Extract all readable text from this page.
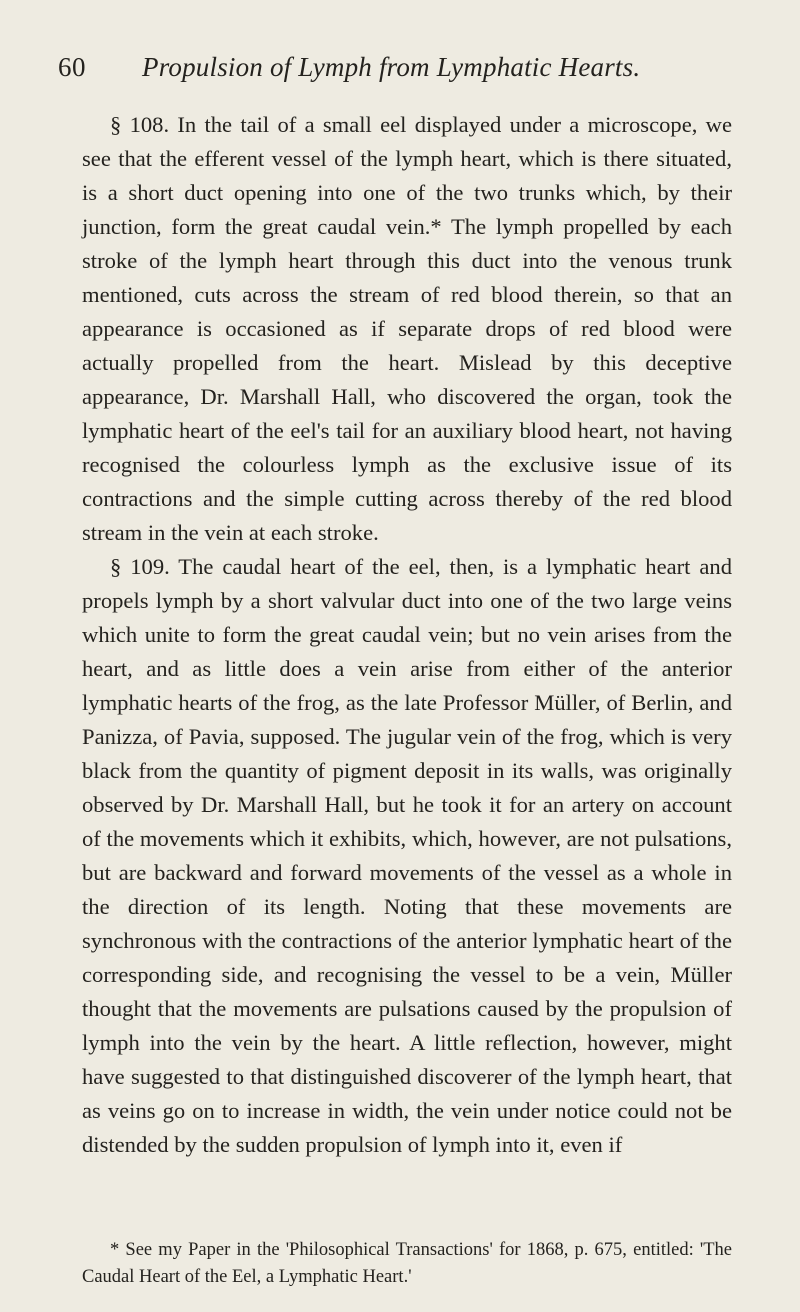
60 Propulsion of Lymph from Lymphatic Hearts.

§ 108. In the tail of a small eel displayed under a microscope, we see that the efferent vessel of the lymph heart, which is there situated, is a short duct opening into one of the two trunks which, by their junction, form the great caudal vein.* The lymph propelled by each stroke of the lymph heart through this duct into the venous trunk mentioned, cuts across the stream of red blood therein, so that an appearance is occasioned as if separate drops of red blood were actually propelled from the heart. Mislead by this deceptive appearance, Dr. Marshall Hall, who discovered the organ, took the lymphatic heart of the eel's tail for an auxiliary blood heart, not having recognised the colourless lymph as the exclusive issue of its contractions and the simple cutting across thereby of the red blood stream in the vein at each stroke.

§ 109. The caudal heart of the eel, then, is a lymphatic heart and propels lymph by a short valvular duct into one of the two large veins which unite to form the great caudal vein; but no vein arises from the heart, and as little does a vein arise from either of the anterior lymphatic hearts of the frog, as the late Professor Müller, of Berlin, and Panizza, of Pavia, supposed. The jugular vein of the frog, which is very black from the quantity of pigment deposit in its walls, was originally observed by Dr. Marshall Hall, but he took it for an artery on account of the movements which it exhibits, which, however, are not pulsations, but are backward and forward movements of the vessel as a whole in the direction of its length. Noting that these movements are synchronous with the contractions of the anterior lymphatic heart of the corresponding side, and recognising the vessel to be a vein, Müller thought that the movements are pulsations caused by the propulsion of lymph into the vein by the heart. A little reflection, however, might have suggested to that distinguished discoverer of the lymph heart, that as veins go on to increase in width, the vein under notice could not be distended by the sudden propulsion of lymph into it, even if

* See my Paper in the 'Philosophical Transactions' for 1868, p. 675, entitled: 'The Caudal Heart of the Eel, a Lymphatic Heart.'
